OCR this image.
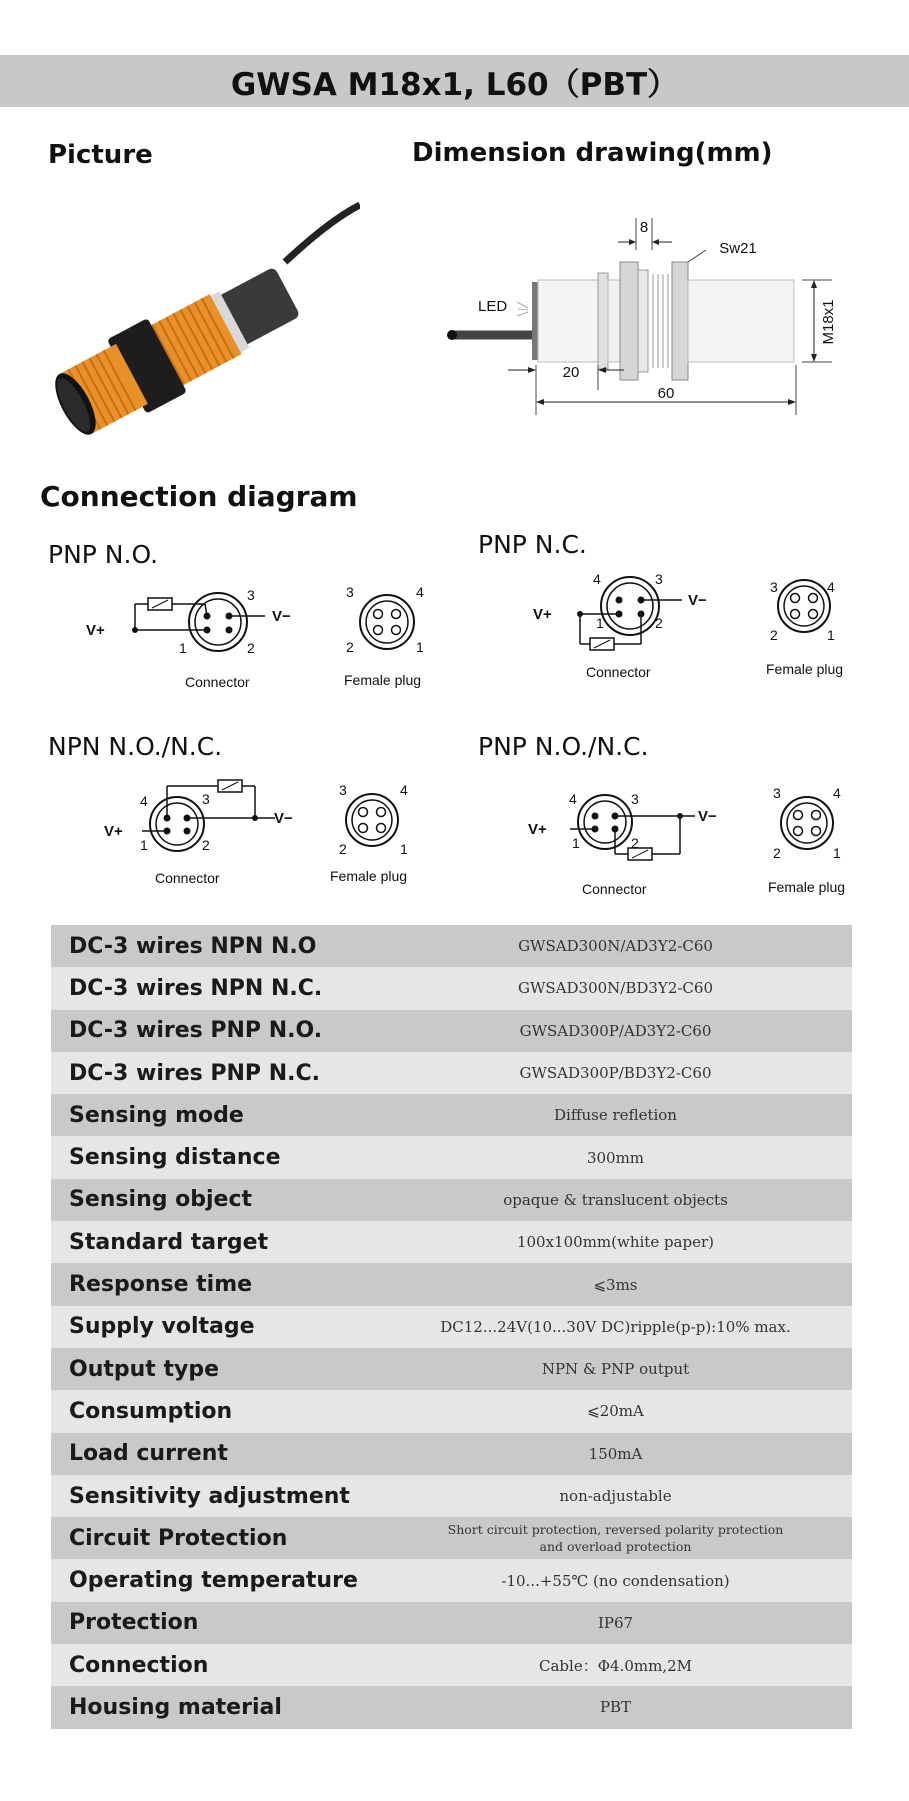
GWSA M18x1, L60（PBT）
Picture	Dimension drawing(mm)
LED
8
Sw21
M18x1
20
60
Connection diagram
PNP N.O.	PNP N.C.
NPN N.O./N.C.	PNP N.O./N.C.
V+
V−
3
2
1
Connector
3	4
2	1
Female plug
V+
V−
4	3
2
1
Connector
3	4
2	1
Female plug
V+
V−
4	3
2
1
Connector
3	4
2	1
Female plug
V+
V−
4	3
2
1
Connector
3	4
2	1
Female plug
DC-3 wires NPN N.O	GWSAD300N/AD3Y2-C60
DC-3 wires NPN N.C.	GWSAD300N/BD3Y2-C60
DC-3 wires PNP N.O.	GWSAD300P/AD3Y2-C60
DC-3 wires PNP N.C.	GWSAD300P/BD3Y2-C60
Sensing mode	Diffuse refletion
Sensing distance	300mm
Sensing object	opaque & translucent objects
Standard target	100x100mm(white paper)
Response time	⩽3ms
Supply voltage	DC12...24V(10...30V DC)ripple(p-p):10% max.
Output type	NPN & PNP output
Consumption	⩽20mA
Load current	150mA
Sensitivity adjustment	non-adjustable
Circuit Protection	Short circuit protection, reversed polarity protection
and overload protection
Operating temperature	-10...+55℃ (no condensation)
Protection	IP67
Connection	Cable：Φ4.0mm,2M
Housing material	PBT
